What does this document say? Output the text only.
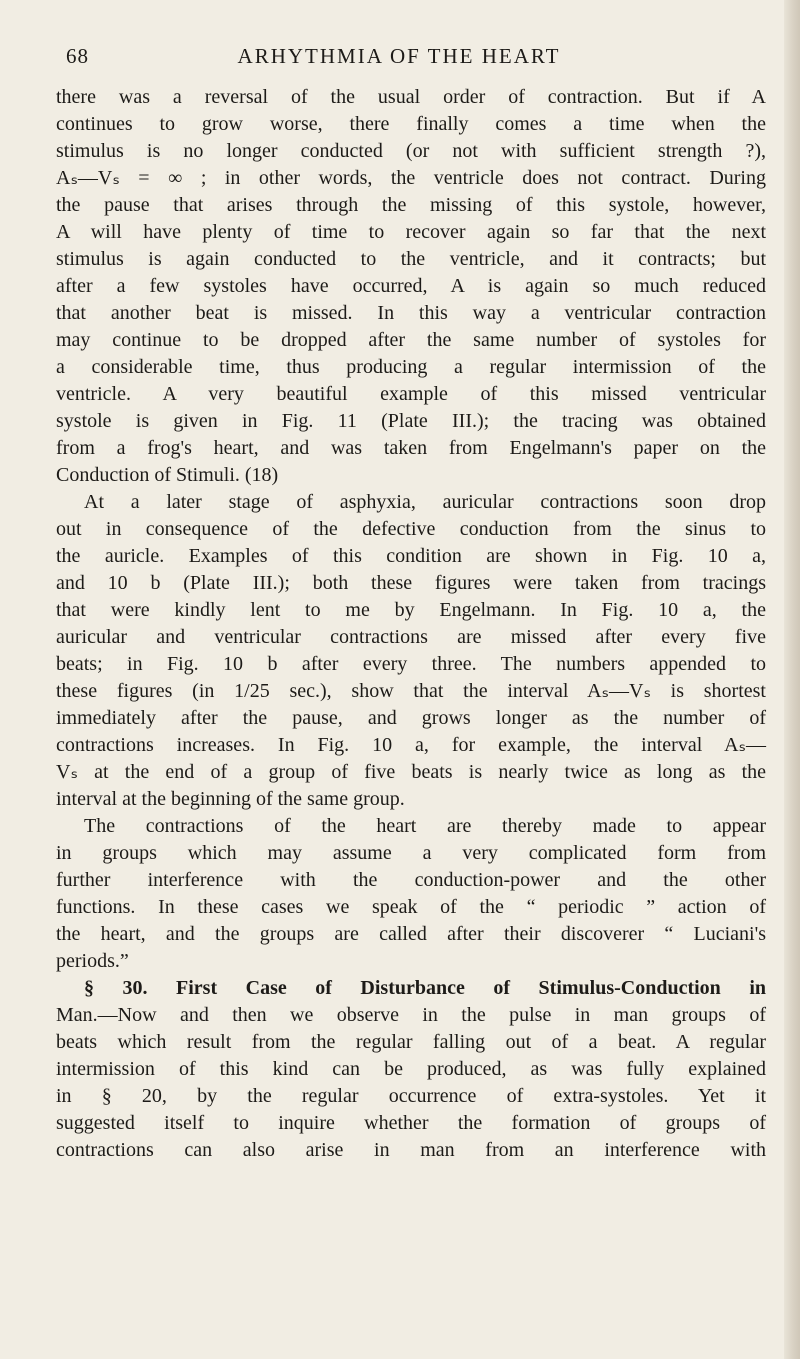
68	ARHYTHMIA OF THE HEART
there was a reversal of the usual order of contraction. But if A
continues to grow worse, there finally comes a time when the
stimulus is no longer conducted (or not with sufficient strength ?),
Aₛ—Vₛ = ∞ ; in other words, the ventricle does not contract. During
the pause that arises through the missing of this systole, however,
A will have plenty of time to recover again so far that the next
stimulus is again conducted to the ventricle, and it contracts; but
after a few systoles have occurred, A is again so much reduced
that another beat is missed. In this way a ventricular contraction
may continue to be dropped after the same number of systoles for
a considerable time, thus producing a regular intermission of the
ventricle. A very beautiful example of this missed ventricular
systole is given in Fig. 11 (Plate III.); the tracing was obtained
from a frog's heart, and was taken from Engelmann's paper on the
Conduction of Stimuli. (18)
At a later stage of asphyxia, auricular contractions soon drop
out in consequence of the defective conduction from the sinus to
the auricle. Examples of this condition are shown in Fig. 10 a,
and 10 b (Plate III.); both these figures were taken from tracings
that were kindly lent to me by Engelmann. In Fig. 10 a, the
auricular and ventricular contractions are missed after every five
beats; in Fig. 10 b after every three. The numbers appended to
these figures (in 1/25 sec.), show that the interval Aₛ—Vₛ is shortest
immediately after the pause, and grows longer as the number of
contractions increases. In Fig. 10 a, for example, the interval Aₛ—
Vₛ at the end of a group of five beats is nearly twice as long as the
interval at the beginning of the same group.
The contractions of the heart are thereby made to appear
in groups which may assume a very complicated form from
further interference with the conduction-power and the other
functions. In these cases we speak of the “ periodic ” action of
the heart, and the groups are called after their discoverer “ Luciani's
periods.”
§ 30. First Case of Disturbance of Stimulus-Conduction in
Man.—Now and then we observe in the pulse in man groups of
beats which result from the regular falling out of a beat. A regular
intermission of this kind can be produced, as was fully explained
in § 20, by the regular occurrence of extra-systoles. Yet it
suggested itself to inquire whether the formation of groups of
contractions can also arise in man from an interference with
